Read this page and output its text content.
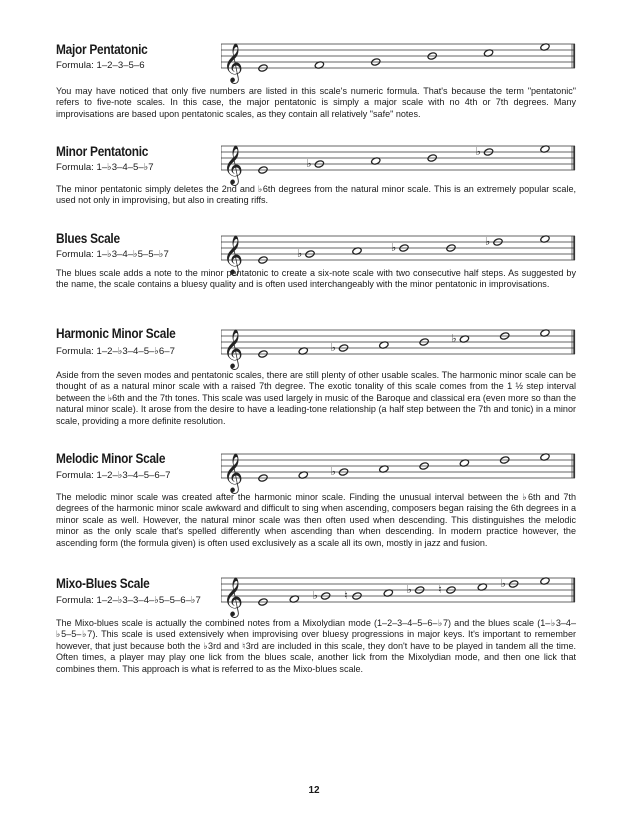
Major Pentatonic
Formula: 1–2–3–5–6	𝄞

You may have noticed that only five numbers are listed in this scale's numeric formula. That's because the term "pentatonic" refers to five-note scales. In this case, the major pentatonic is simply a major scale with no 4th or 7th degrees. Many improvisations are based upon pentatonic scales, as they contain all relatively "safe" notes.

Minor Pentatonic
Formula: 1–♭3–4–5–♭7	𝄞	♭
♭

The minor pentatonic simply deletes the 2nd and ♭6th degrees from the natural minor scale. This is an extremely popular scale, used not only in improvising, but also in creating riffs.

Blues Scale
Formula: 1–♭3–4–♭5–5–♭7	𝄞	♭	♭	♭

The blues scale adds a note to the minor pentatonic to create a six-note scale with two consecutive half steps. As suggested by the name, the scale contains a bluesy quality and is often used interchangeably with the minor pentatonic in improvisations.

Harmonic Minor Scale
Formula: 1–2–♭3–4–5–♭6–7	𝄞	♭
♭

Aside from the seven modes and pentatonic scales, there are still plenty of other usable scales. The harmonic minor scale can be thought of as a natural minor scale with a raised 7th degree. The exotic tonality of this scale comes from the 1 ½ step interval between the ♭6th and the 7th tones. This scale was used largely in music of the Baroque and classical era (even more so than the natural minor scale). It arose from the desire to have a leading-tone relationship (a half step between the 7th and tonic) in a minor scale, providing a more definite resolution.

Melodic Minor Scale
Formula: 1–2–♭3–4–5–6–7	𝄞	♭

The melodic minor scale was created after the harmonic minor scale. Finding the unusual interval between the ♭6th and 7th degrees of the harmonic minor scale awkward and difficult to sing when ascending, composers began raising the 6th degrees in a minor scale as well. However, the natural minor scale was then often used when descending. This distinguishes the melodic minor as the only scale that's spelled differently when ascending than when descending. In modern practice however, the ascending form (the formula given) is often used exclusively as a scale all its own, mostly in jazz and fusion.

Mixo-Blues Scale
Formula: 1–2–♭3–3–4–♭5–5–6–♭7 𝄞	♭ ♮	♭ ♮	♭

The Mixo-blues scale is actually the combined notes from a Mixolydian mode (1–2–3–4–5–6–♭7) and the blues scale (1–♭3–4–♭5–5–♭7). This scale is used extensively when improvising over bluesy progressions in major keys. It's important to remember however, that just because both the ♭3rd and ♮3rd are included in this scale, they don't have to be played in tandem all the time. Often times, a player may play one lick from the blues scale, another lick from the Mixolydian mode, and then one lick that combines them. This approach is what is referred to as the Mixo-blues scale.

12
